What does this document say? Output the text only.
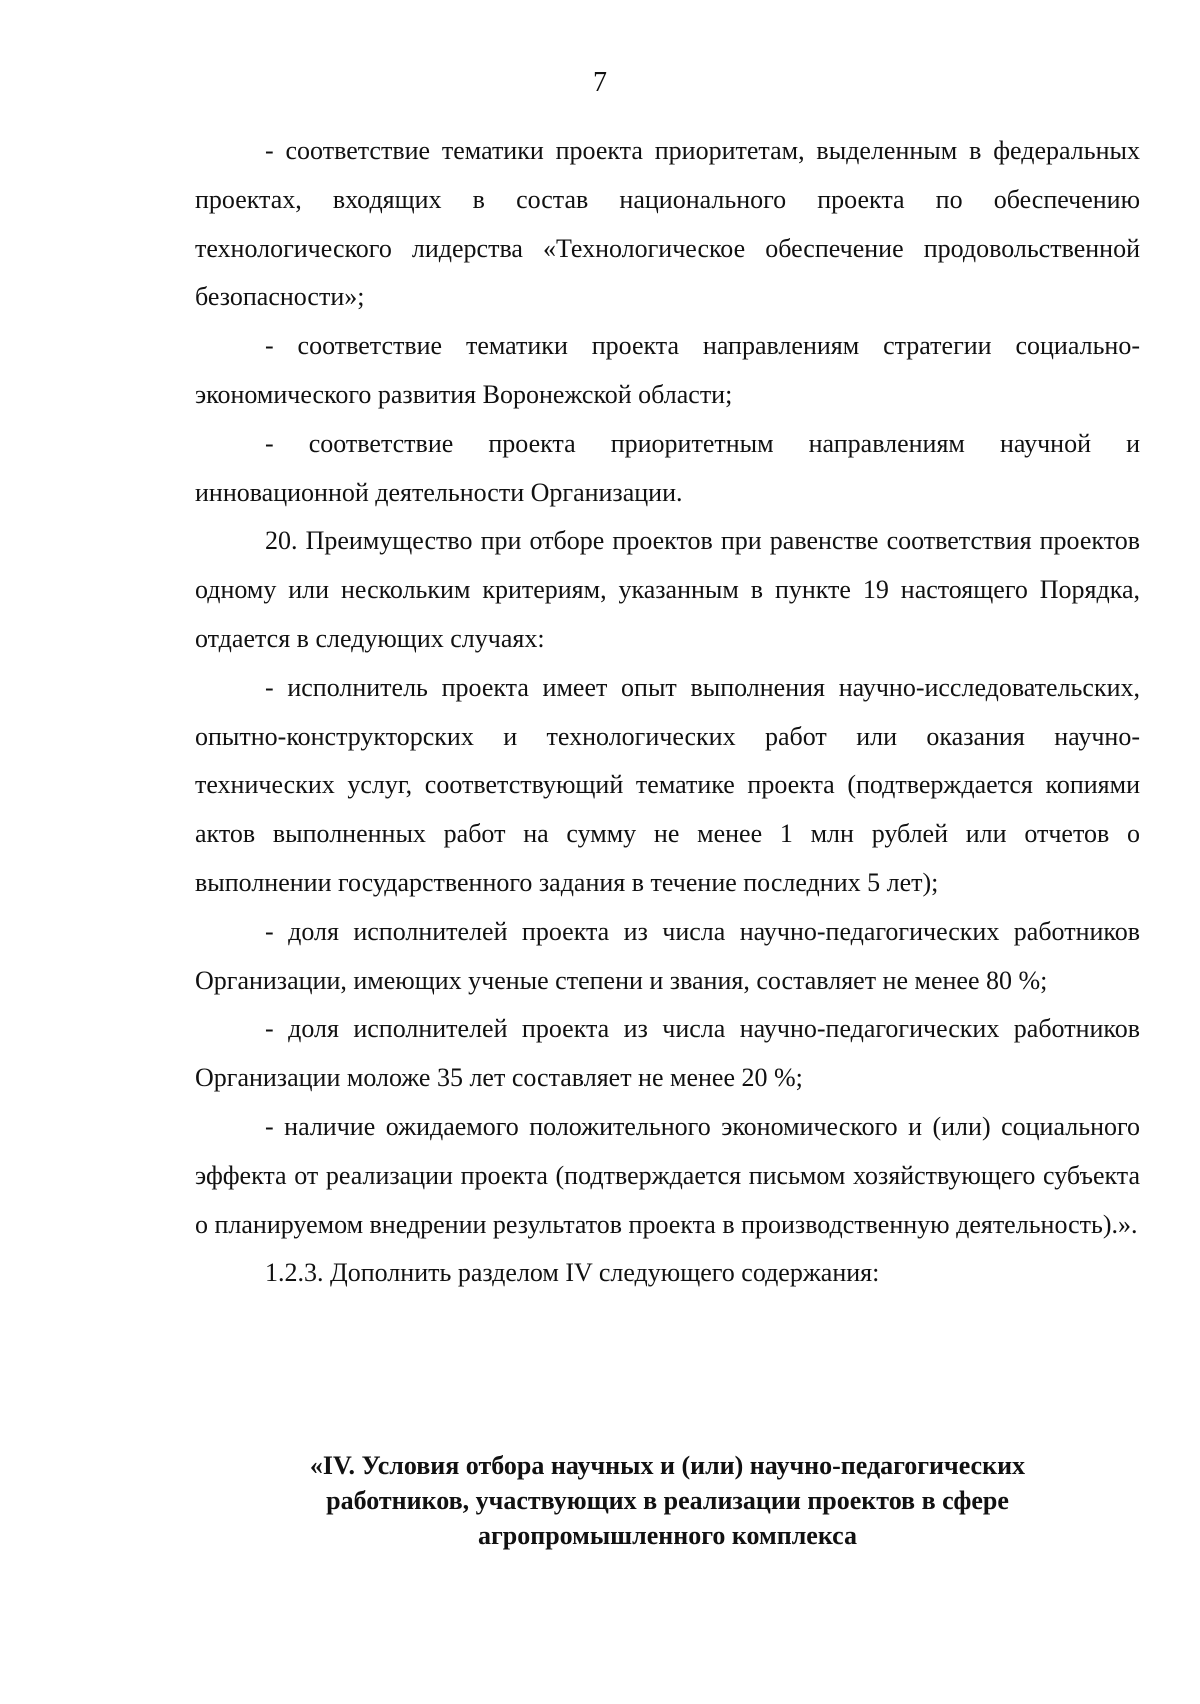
7

- соответствие тематики проекта приоритетам, выделенным в федеральных проектах, входящих в состав национального проекта по обеспечению технологического лидерства «Технологическое обеспечение продовольственной безопасности»;

- соответствие тематики проекта направлениям стратегии социально-экономического развития Воронежской области;

- соответствие проекта приоритетным направлениям научной и инновационной деятельности Организации.

20. Преимущество при отборе проектов при равенстве соответствия проектов одному или нескольким критериям, указанным в пункте 19 настоящего Порядка, отдается в следующих случаях:

- исполнитель проекта имеет опыт выполнения научно-исследовательских, опытно-конструкторских и технологических работ или оказания научно-технических услуг, соответствующий тематике проекта (подтверждается копиями актов выполненных работ на сумму не менее 1 млн рублей или отчетов о выполнении государственного задания в течение последних 5 лет);

- доля исполнителей проекта из числа научно-педагогических работников Организации, имеющих ученые степени и звания, составляет не менее 80 %;

- доля исполнителей проекта из числа научно-педагогических работников Организации моложе 35 лет составляет не менее 20 %;

- наличие ожидаемого положительного экономического и (или) социального эффекта от реализации проекта (подтверждается письмом хозяйствующего субъекта о планируемом внедрении результатов проекта в производственную деятельность).».

1.2.3. Дополнить разделом IV следующего содержания:

«IV. Условия отбора научных и (или) научно-педагогических
работников, участвующих в реализации проектов в сфере
агропромышленного комплекса
